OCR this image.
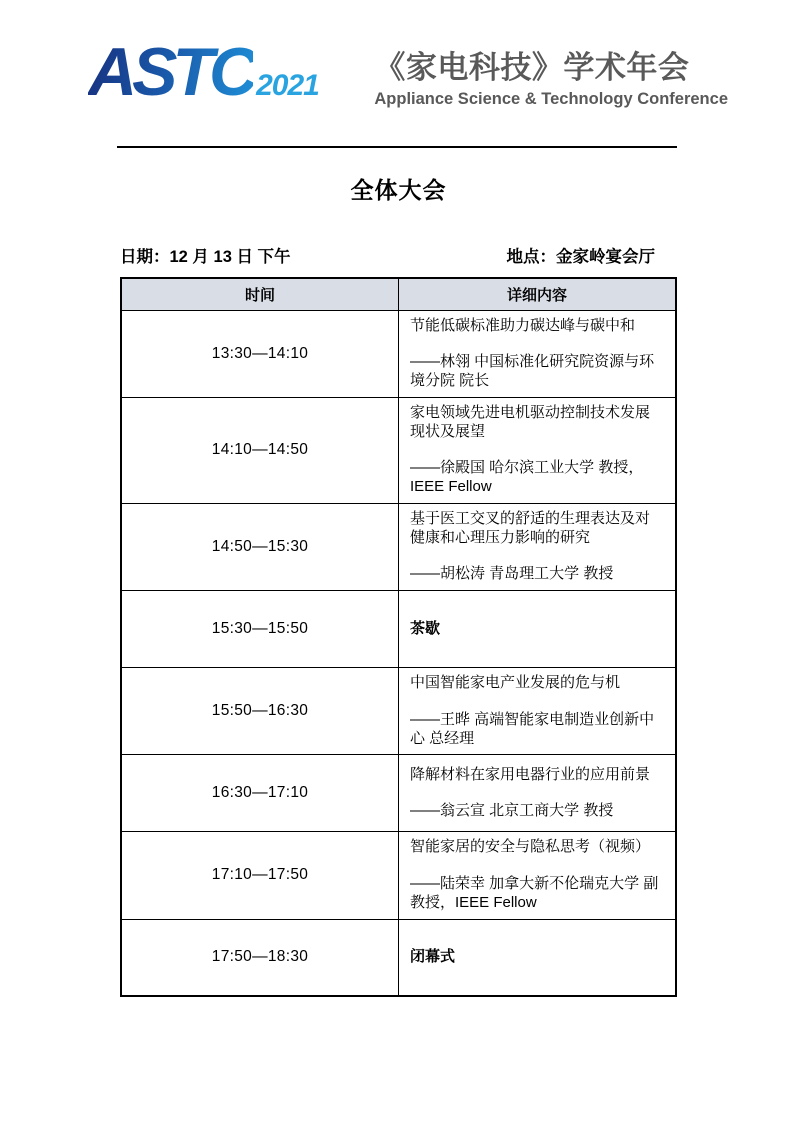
ASTC 2021
《家电科技》学术年会
Appliance Science & Technology Conference
全体大会
日期：12 月 13 日 下午	地点：金家岭宴会厅
时间	详细内容
13:30—14:10	节能低碳标准助力碳达峰与碳中和
——林翎 中国标准化研究院资源与环境分院 院长

14:10—14:50	家电领域先进电机驱动控制技术发展现状及展望
——徐殿国 哈尔滨工业大学 教授，IEEE Fellow

14:50—15:30	基于医工交叉的舒适的生理表达及对健康和心理压力影响的研究
——胡松涛 青岛理工大学 教授

15:30—15:50	茶歇

15:50—16:30	中国智能家电产业发展的危与机
——王晔 高端智能家电制造业创新中心 总经理

16:30—17:10	降解材料在家用电器行业的应用前景
——翁云宣 北京工商大学 教授

17:10—17:50	智能家居的安全与隐私思考（视频）
——陆荣幸 加拿大新不伦瑞克大学 副教授，IEEE Fellow

17:50—18:30	闭幕式
